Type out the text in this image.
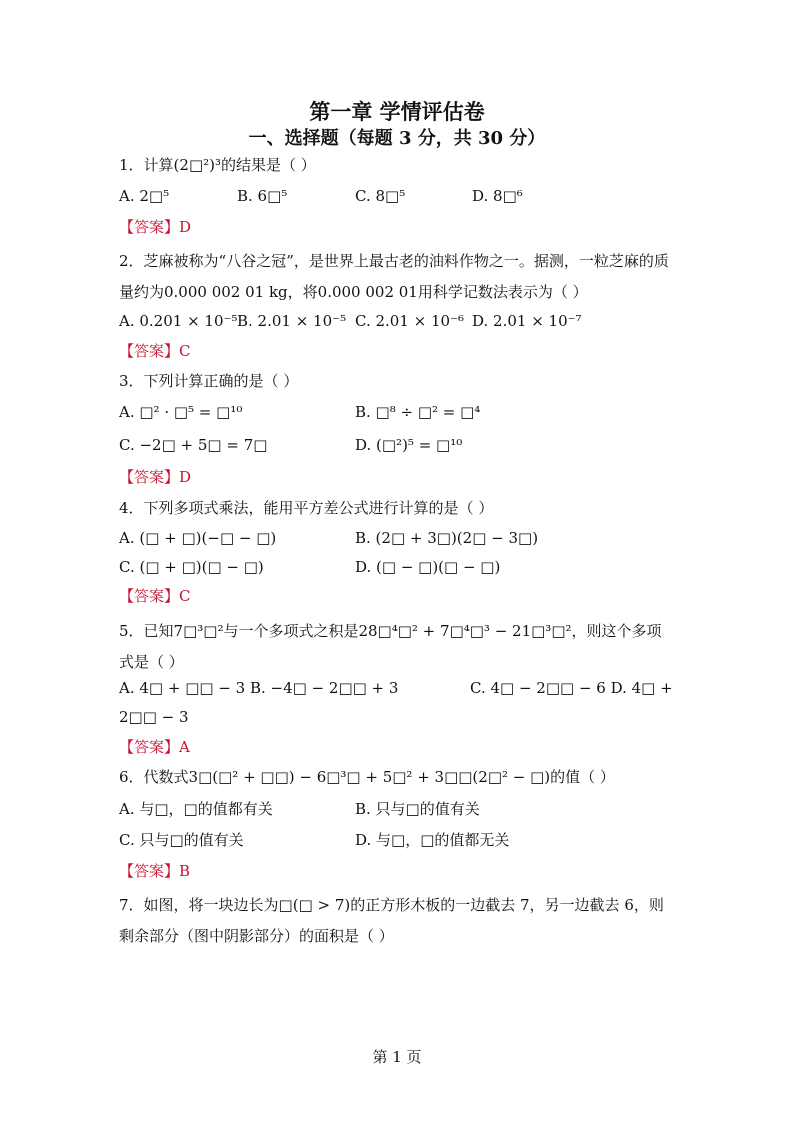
第一章 学情评估卷
一、选择题（每题 3 分，共 30 分）
1．计算(2□²)³的结果是（ ）
A. 2□⁵	B. 6□⁵	C. 8□⁵	D. 8□⁶
【答案】D
2．芝麻被称为“八谷之冠”，是世界上最古老的油料作物之一。据测，一粒芝麻的质量约为0.000 002 01 kg，将0.000 002 01用科学记数法表示为（ ）
A. 0.201 × 10⁻⁵ B. 2.01 × 10⁻⁵ C. 2.01 × 10⁻⁶ D. 2.01 × 10⁻⁷
【答案】C
3．下列计算正确的是（ ）
A. □² · □⁵ = □¹⁰	B. □⁸ ÷ □² = □⁴
C. −2□ + 5□ = 7□	D. (□²)⁵ = □¹⁰
【答案】D
4．下列多项式乘法，能用平方差公式进行计算的是（ ）
A. (□ + □)(−□ − □)	B. (2□ + 3□)(2□ − 3□)
C. (□ + □)(□ − □)	D. (□ − □)(□ − □)
【答案】C
5．已知7□³□²与一个多项式之积是28□⁴□² + 7□⁴□³ − 21□³□²，则这个多项式是（ ）
A. 4□ + □□ − 3 B. −4□ − 2□□ + 3	C. 4□ − 2□□ − 6 D. 4□ +
2□□ − 3
【答案】A
6．代数式3□(□² + □□) − 6□³□ + 5□² + 3□□(2□² − □)的值（ ）
A. 与□，□的值都有关	B. 只与□的值有关
C. 只与□的值有关	D. 与□，□的值都无关
【答案】B
7．如图，将一块边长为□(□ > 7)的正方形木板的一边截去 7，另一边截去 6，则剩余部分（图中阴影部分）的面积是（ ）
第 1 页
